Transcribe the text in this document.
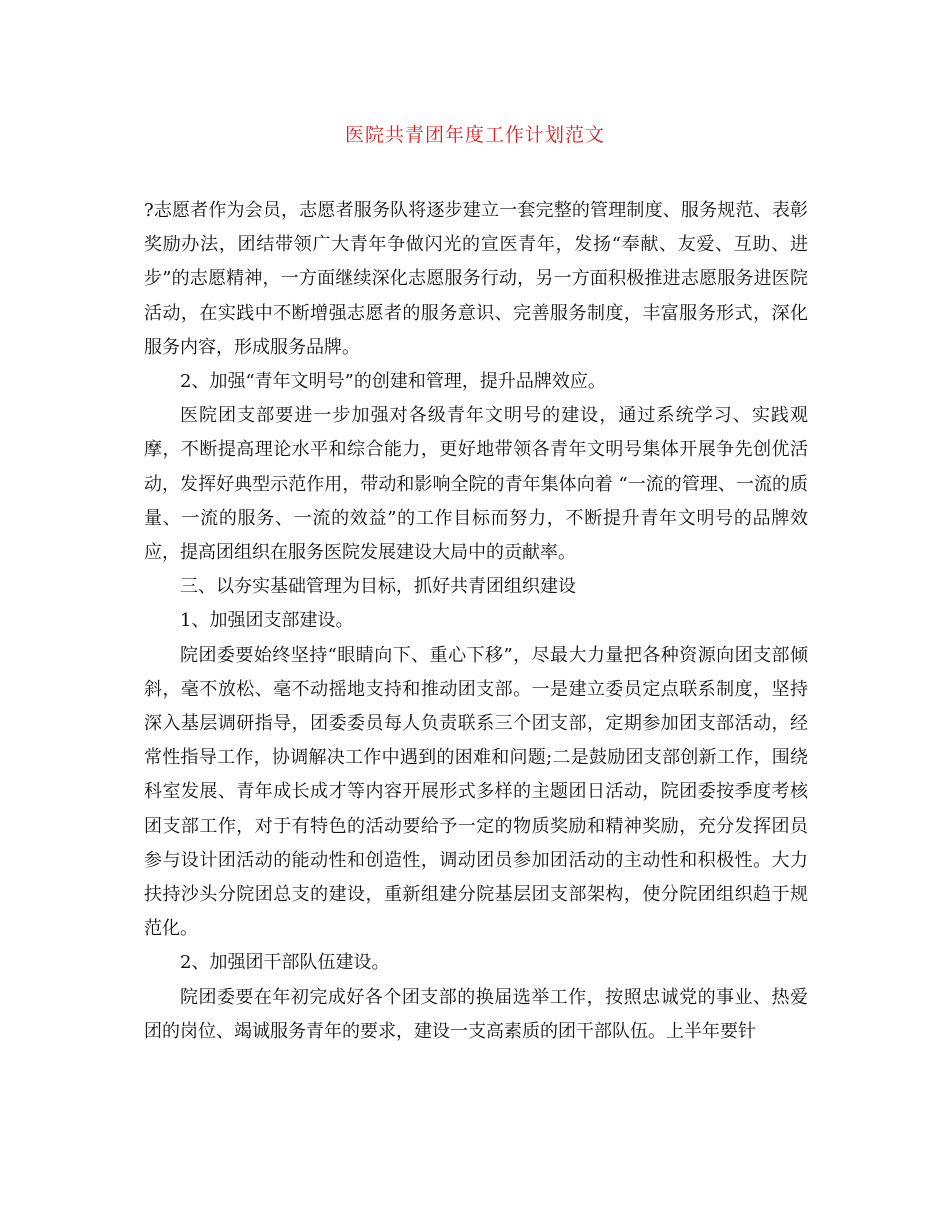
医院共青团年度工作计划范文

?志愿者作为会员，志愿者服务队将逐步建立一套完整的管理制度、服务规范、表彰奖励办法，团结带领广大青年争做闪光的宣医青年，发扬“奉献、友爱、互助、进步”的志愿精神，一方面继续深化志愿服务行动，另一方面积极推进志愿服务进医院活动，在实践中不断增强志愿者的服务意识、完善服务制度，丰富服务形式，深化服务内容，形成服务品牌。

2、加强“青年文明号”的创建和管理，提升品牌效应。

医院团支部要进一步加强对各级青年文明号的建设，通过系统学习、实践观摩，不断提高理论水平和综合能力，更好地带领各青年文明号集体开展争先创优活动，发挥好典型示范作用，带动和影响全院的青年集体向着 “一流的管理、一流的质量、一流的服务、一流的效益”的工作目标而努力，不断提升青年文明号的品牌效应，提高团组织在服务医院发展建设大局中的贡献率。

三、以夯实基础管理为目标，抓好共青团组织建设

1、加强团支部建设。

院团委要始终坚持“眼睛向下、重心下移”，尽最大力量把各种资源向团支部倾斜，毫不放松、毫不动摇地支持和推动团支部。一是建立委员定点联系制度，坚持深入基层调研指导，团委委员每人负责联系三个团支部，定期参加团支部活动，经常性指导工作，协调解决工作中遇到的困难和问题;二是鼓励团支部创新工作，围绕科室发展、青年成长成才等内容开展形式多样的主题团日活动，院团委按季度考核团支部工作，对于有特色的活动要给予一定的物质奖励和精神奖励，充分发挥团员参与设计团活动的能动性和创造性，调动团员参加团活动的主动性和积极性。大力扶持沙头分院团总支的建设，重新组建分院基层团支部架构，使分院团组织趋于规范化。

2、加强团干部队伍建设。

院团委要在年初完成好各个团支部的换届选举工作，按照忠诚党的事业、热爱团的岗位、竭诚服务青年的要求，建设一支高素质的团干部队伍。上半年要针
